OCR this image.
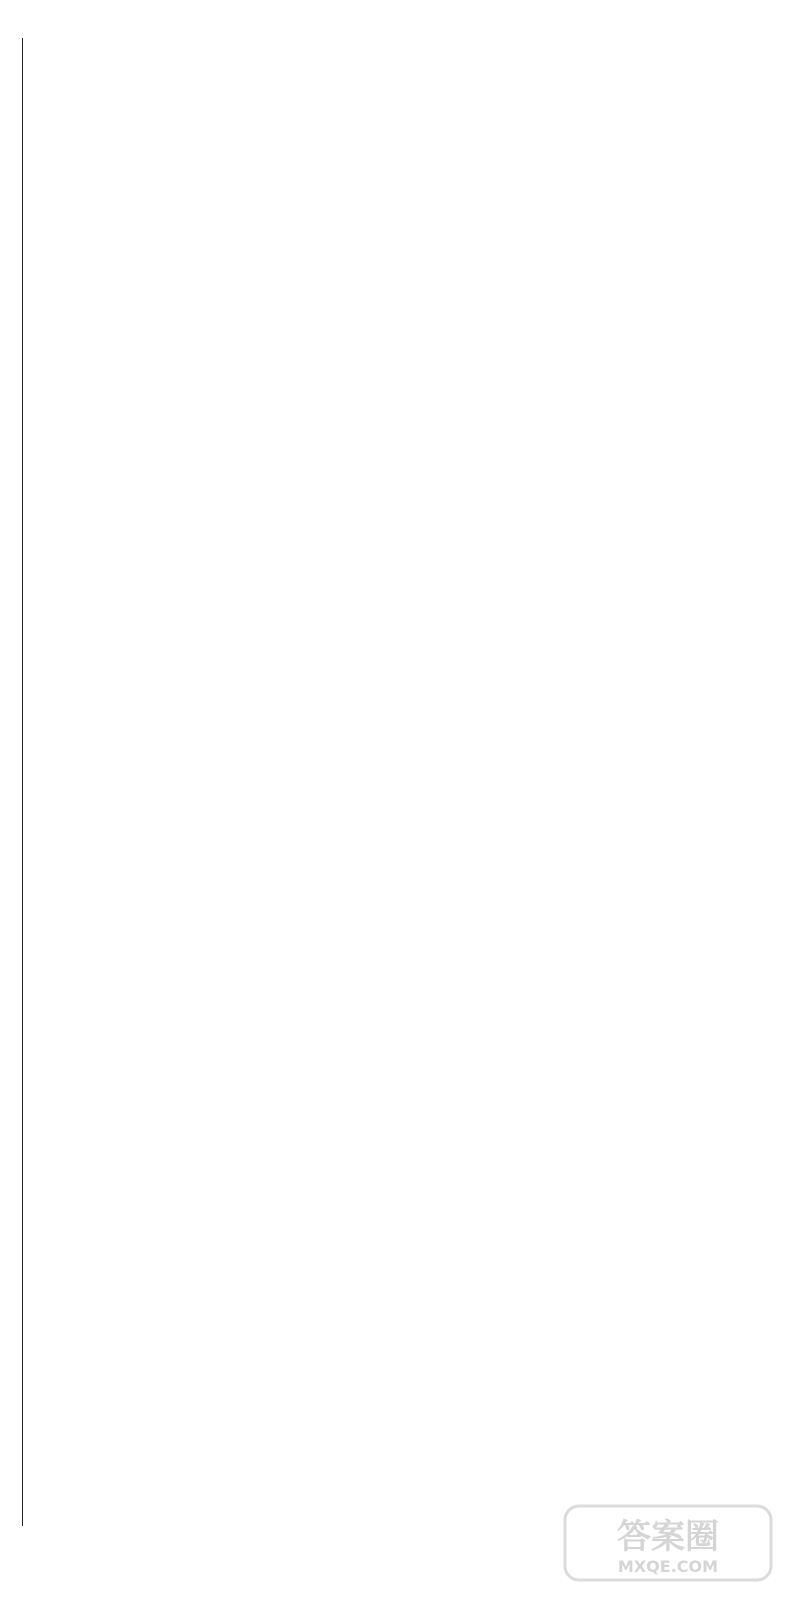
答案圈
MXQE.COM
